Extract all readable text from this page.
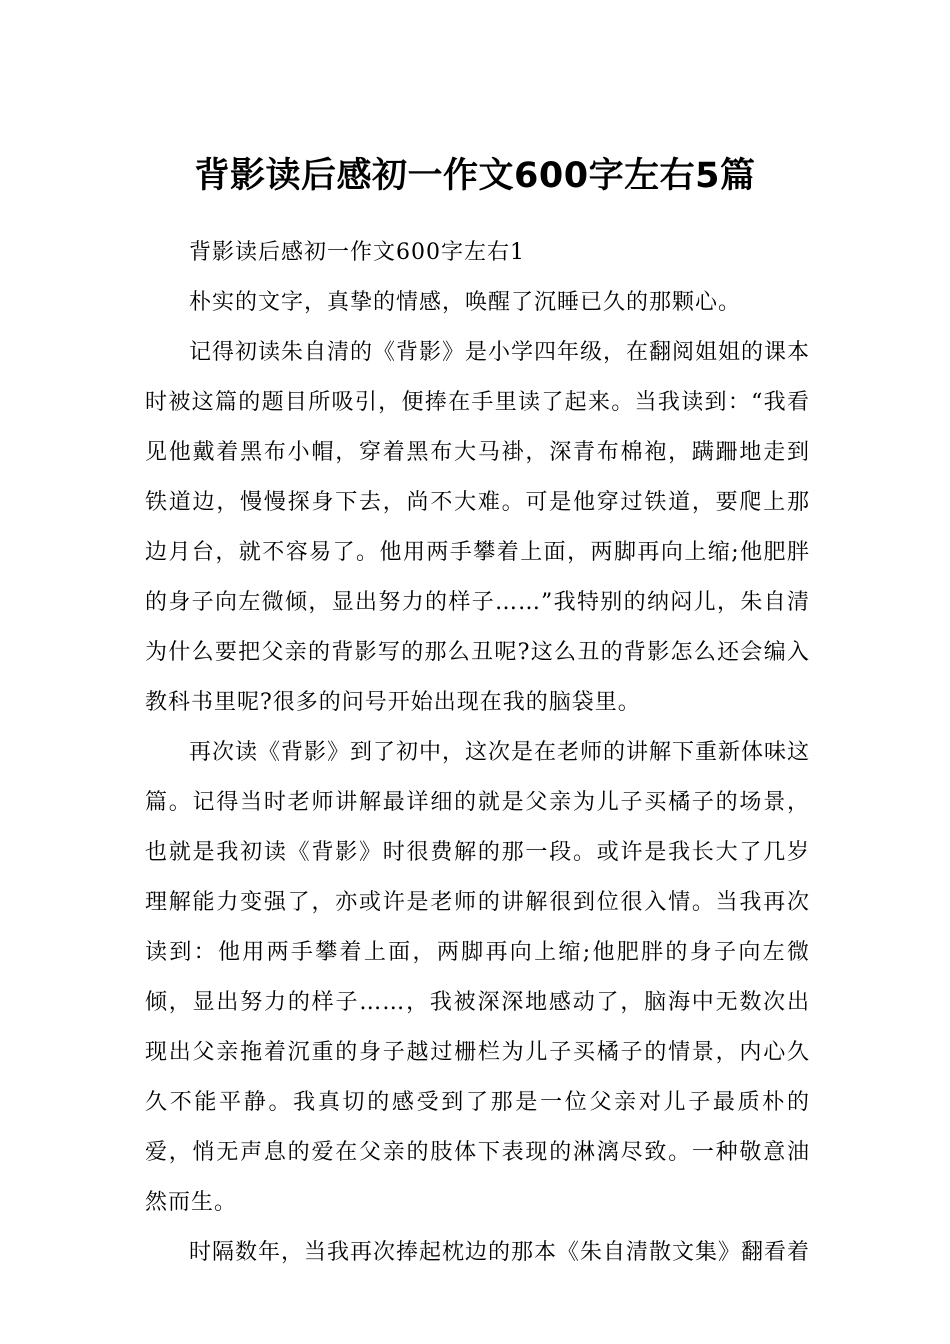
背影读后感初一作文600字左右5篇

背影读后感初一作文600字左右1

朴实的文字，真挚的情感，唤醒了沉睡已久的那颗心。

记得初读朱自清的《背影》是小学四年级，在翻阅姐姐的课本时被这篇的题目所吸引，便捧在手里读了起来。当我读到：“我看见他戴着黑布小帽，穿着黑布大马褂，深青布棉袍，蹒跚地走到铁道边，慢慢探身下去，尚不大难。可是他穿过铁道，要爬上那边月台，就不容易了。他用两手攀着上面，两脚再向上缩;他肥胖的身子向左微倾，显出努力的样子……”我特别的纳闷儿，朱自清为什么要把父亲的背影写的那么丑呢?这么丑的背影怎么还会编入教科书里呢?很多的问号开始出现在我的脑袋里。

再次读《背影》到了初中，这次是在老师的讲解下重新体味这篇。记得当时老师讲解最详细的就是父亲为儿子买橘子的场景，也就是我初读《背影》时很费解的那一段。或许是我长大了几岁理解能力变强了，亦或许是老师的讲解很到位很入情。当我再次读到：他用两手攀着上面，两脚再向上缩;他肥胖的身子向左微倾，显出努力的样子……，我被深深地感动了，脑海中无数次出现出父亲拖着沉重的身子越过栅栏为儿子买橘子的情景，内心久久不能平静。我真切的感受到了那是一位父亲对儿子最质朴的爱，悄无声息的爱在父亲的肢体下表现的淋漓尽致。一种敬意油然而生。

时隔数年，当我再次捧起枕边的那本《朱自清散文集》翻看着
